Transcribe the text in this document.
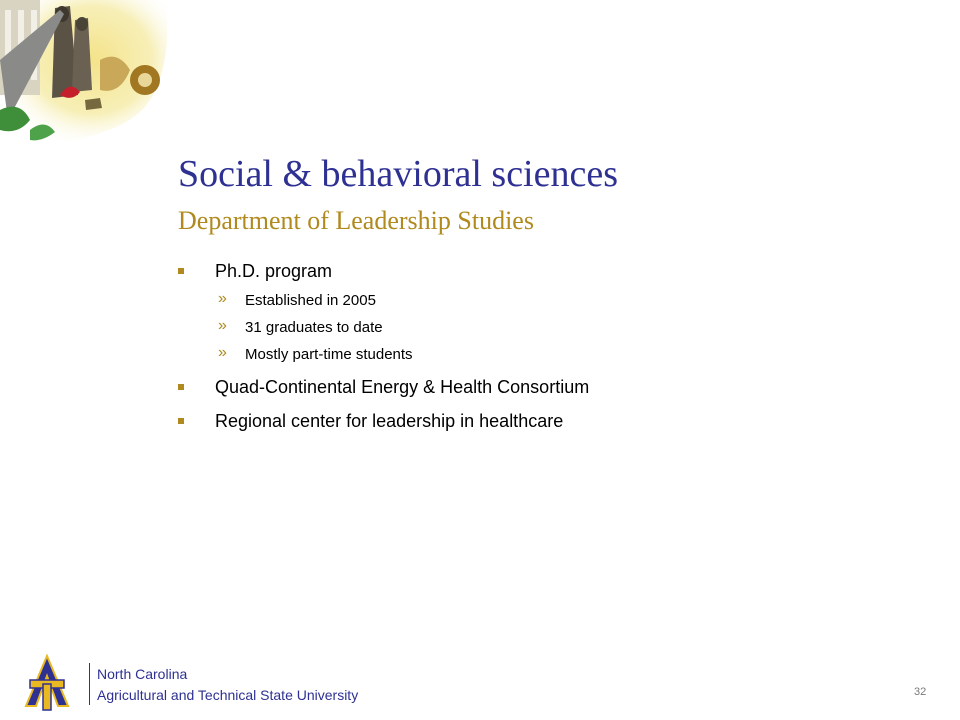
Social & behavioral sciences
Department of Leadership Studies
Ph.D. program
» Established in 2005
» 31 graduates to date
» Mostly part-time students
Quad-Continental Energy & Health Consortium
Regional center for leadership in healthcare
North Carolina
Agricultural and Technical State University	32
